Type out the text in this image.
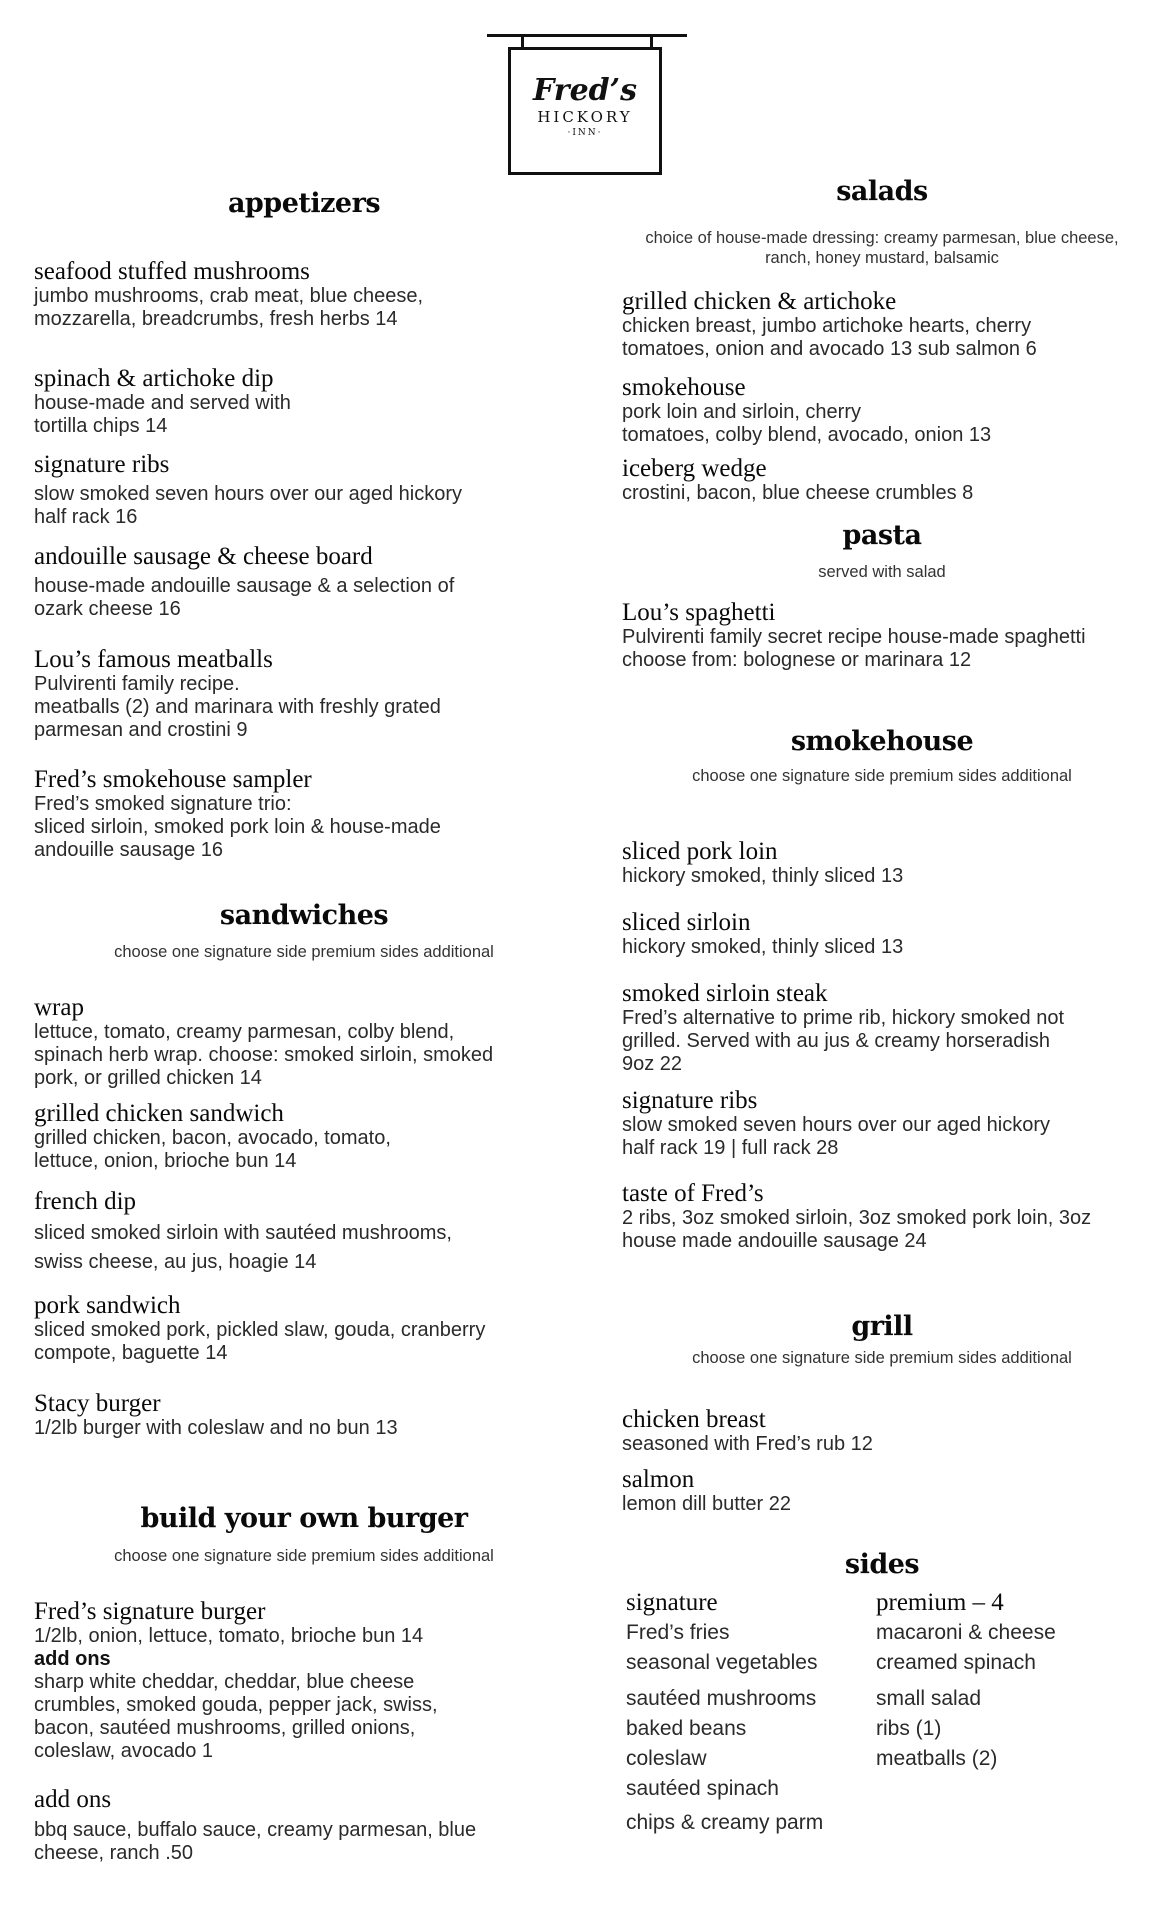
Fred’s
HICKORY
·INN·
appetizers
seafood stuffed mushrooms
jumbo mushrooms, crab meat, blue cheese,
mozzarella, breadcrumbs, fresh herbs 14
spinach & artichoke dip
house-made and served with
tortilla chips 14
signature ribs
slow smoked seven hours over our aged hickory
half rack 16
andouille sausage & cheese board
house-made andouille sausage & a selection of
ozark cheese 16
Lou’s famous meatballs
Pulvirenti family recipe.
meatballs (2) and marinara with freshly grated
parmesan and crostini 9
Fred’s smokehouse sampler
Fred’s smoked signature trio:
sliced sirloin, smoked pork loin & house-made
andouille sausage 16
sandwiches
choose one signature side premium sides additional
wrap
lettuce, tomato, creamy parmesan, colby blend,
spinach herb wrap. choose: smoked sirloin, smoked
pork, or grilled chicken 14
grilled chicken sandwich
grilled chicken, bacon, avocado, tomato,
lettuce, onion, brioche bun 14
french dip
sliced smoked sirloin with sautéed mushrooms,
swiss cheese, au jus, hoagie 14
pork sandwich
sliced smoked pork, pickled slaw, gouda, cranberry
compote, baguette 14
Stacy burger
1/2lb burger with coleslaw and no bun 13
build your own burger
choose one signature side premium sides additional
Fred’s signature burger
1/2lb, onion, lettuce, tomato, brioche bun 14
add ons
sharp white cheddar, cheddar, blue cheese
crumbles, smoked gouda, pepper jack, swiss,
bacon, sautéed mushrooms, grilled onions,
coleslaw, avocado 1
add ons
bbq sauce, buffalo sauce, creamy parmesan, blue
cheese, ranch .50
salads
choice of house-made dressing: creamy parmesan, blue cheese, ranch, honey mustard, balsamic
grilled chicken & artichoke
chicken breast, jumbo artichoke hearts, cherry
tomatoes, onion and avocado 13 sub salmon 6
smokehouse
pork loin and sirloin, cherry
tomatoes, colby blend, avocado, onion 13
iceberg wedge
crostini, bacon, blue cheese crumbles 8
pasta
served with salad
Lou’s spaghetti
Pulvirenti family secret recipe house-made spaghetti
choose from: bolognese or marinara 12
smokehouse
choose one signature side premium sides additional
sliced pork loin
hickory smoked, thinly sliced 13
sliced sirloin
hickory smoked, thinly sliced 13
smoked sirloin steak
Fred’s alternative to prime rib, hickory smoked not
grilled. Served with au jus & creamy horseradish
9oz 22
signature ribs
slow smoked seven hours over our aged hickory
half rack 19 | full rack 28
taste of Fred’s
2 ribs, 3oz smoked sirloin, 3oz smoked pork loin, 3oz
house made andouille sausage 24
grill
choose one signature side premium sides additional
chicken breast
seasoned with Fred’s rub 12
salmon
lemon dill butter 22
sides
signature
Fred’s fries
seasonal vegetables
sautéed mushrooms
baked beans
coleslaw
sautéed spinach
chips & creamy parm
premium – 4
macaroni & cheese
creamed spinach
small salad
ribs (1)
meatballs (2)
